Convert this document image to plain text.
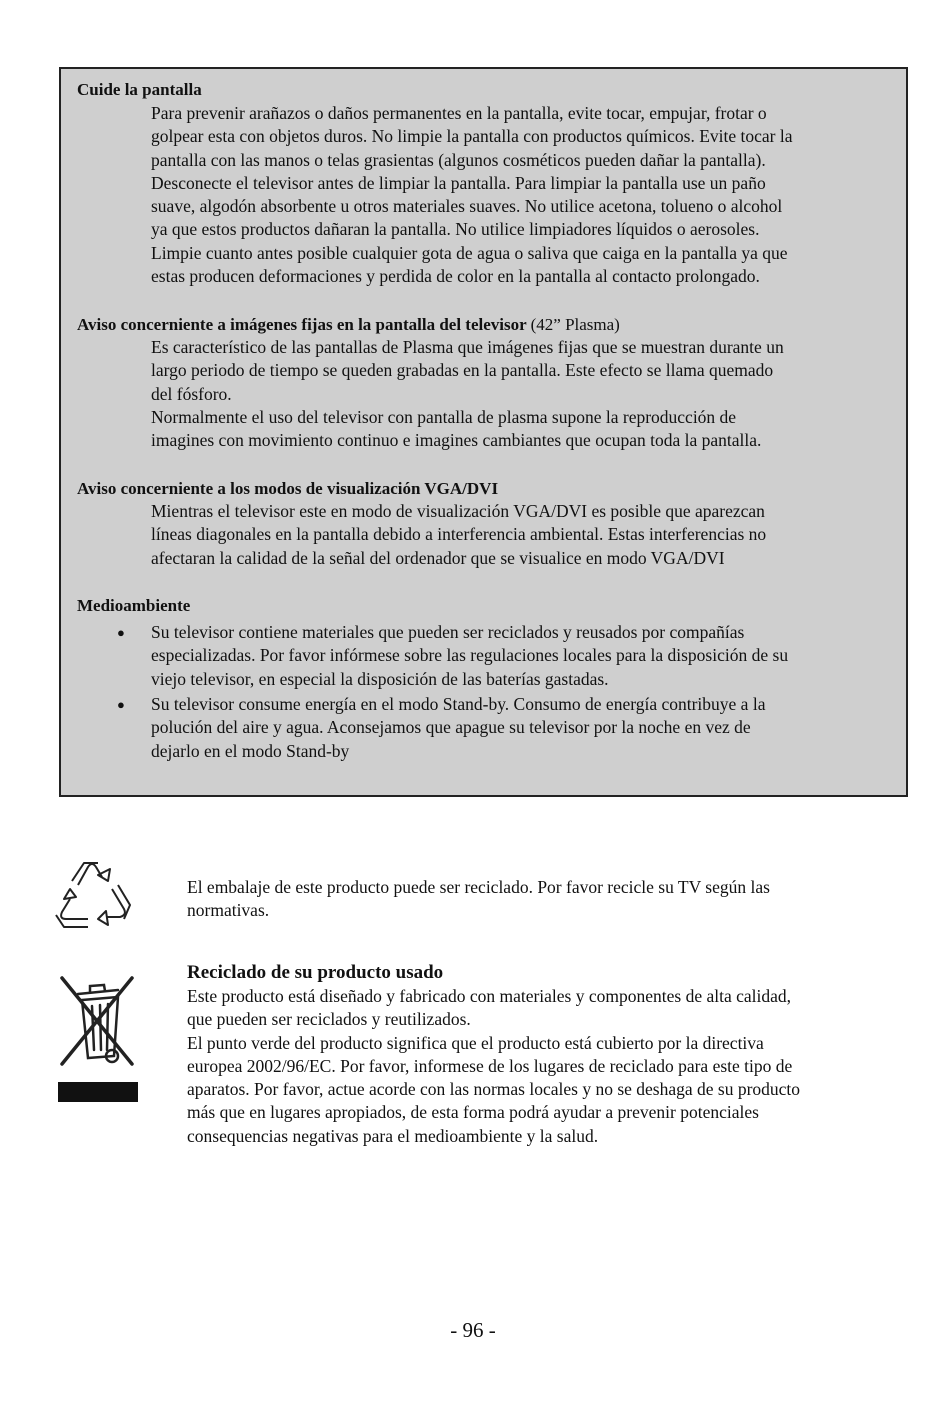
Cuide la pantalla
Para prevenir arañazos o daños permanentes en la pantalla, evite tocar, empujar, frotar o
golpear esta con objetos duros. No limpie la pantalla con productos químicos. Evite tocar la
pantalla con las manos o telas grasientas (algunos cosméticos pueden dañar la pantalla).
Desconecte el televisor antes de limpiar la pantalla. Para limpiar la pantalla use un paño
suave, algodón absorbente u otros materiales suaves. No utilice acetona, tolueno o alcohol
ya que estos productos dañaran la pantalla. No utilice limpiadores líquidos o aerosoles.
Limpie cuanto antes posible cualquier gota de agua o saliva que caiga en la pantalla ya que
estas producen deformaciones y perdida de color en la pantalla al contacto prolongado.
Aviso concerniente a imágenes fijas en la pantalla del televisor (42” Plasma)
Es característico de las pantallas de Plasma que imágenes fijas que se muestran durante un
largo periodo de tiempo se queden grabadas en la pantalla. Este efecto se llama quemado
del fósforo.
Normalmente el uso del televisor con pantalla de plasma supone la reproducción de
imagines con movimiento continuo e imagines cambiantes que ocupan toda la pantalla.
Aviso concerniente a los modos de visualización VGA/DVI
Mientras el televisor este en modo de visualización VGA/DVI es posible que aparezcan
líneas diagonales en la pantalla debido a interferencia ambiental. Estas interferencias no
afectaran la calidad de la señal del ordenador que se visualice en modo VGA/DVI
Medioambiente
● Su televisor contiene materiales que pueden ser reciclados y reusados por compañías
especializadas. Por favor infórmese sobre las regulaciones locales para la disposición de su
viejo televisor, en especial la disposición de las baterías gastadas.
● Su televisor consume energía en el modo Stand-by. Consumo de energía contribuye a la
polución del aire y agua. Aconsejamos que apague su televisor por la noche en vez de
dejarlo en el modo Stand-by
El embalaje de este producto puede ser reciclado. Por favor recicle su TV según las
normativas.
Reciclado de su producto usado
Este producto está diseñado y fabricado con materiales y componentes de alta calidad,
que pueden ser reciclados y reutilizados.
El punto verde del producto significa que el producto está cubierto por la directiva
europea 2002/96/EC. Por favor, informese de los lugares de reciclado para este tipo de
aparatos. Por favor, actue acorde con las normas locales y no se deshaga de su producto
más que en lugares apropiados, de esta forma podrá ayudar a prevenir potenciales
consequencias negativas para el medioambiente y la salud.
- 96 -
